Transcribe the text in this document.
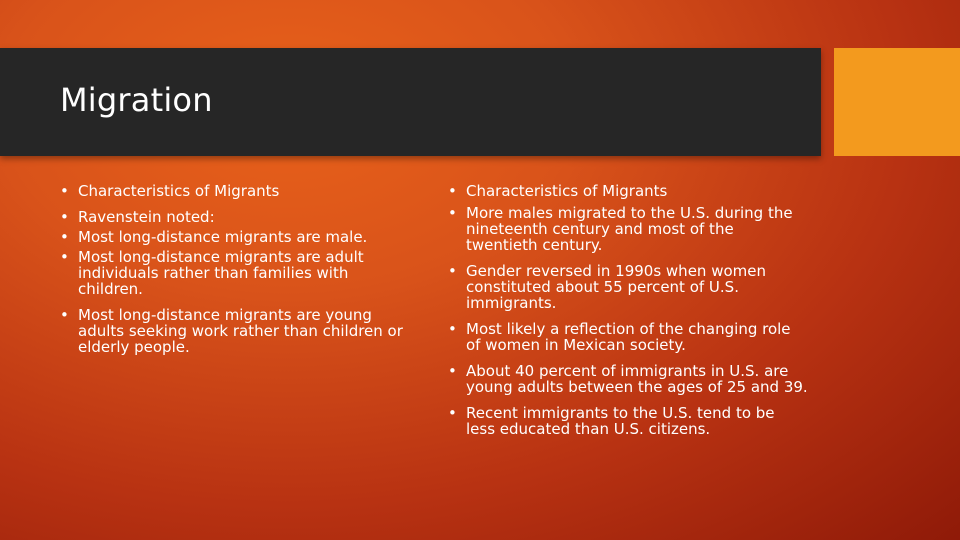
Migration
• Characteristics of Migrants
• Ravenstein noted:
• Most long-distance migrants are male.
• Most long-distance migrants are adult individuals rather than families with children.
• Most long-distance migrants are young adults seeking work rather than children or elderly people.
• Characteristics of Migrants
• More males migrated to the U.S. during the nineteenth century and most of the twentieth century.
• Gender reversed in 1990s when women constituted about 55 percent of U.S. immigrants.
• Most likely a reflection of the changing role of women in Mexican society.
• About 40 percent of immigrants in U.S. are young adults between the ages of 25 and 39.
• Recent immigrants to the U.S. tend to be less educated than U.S. citizens.
